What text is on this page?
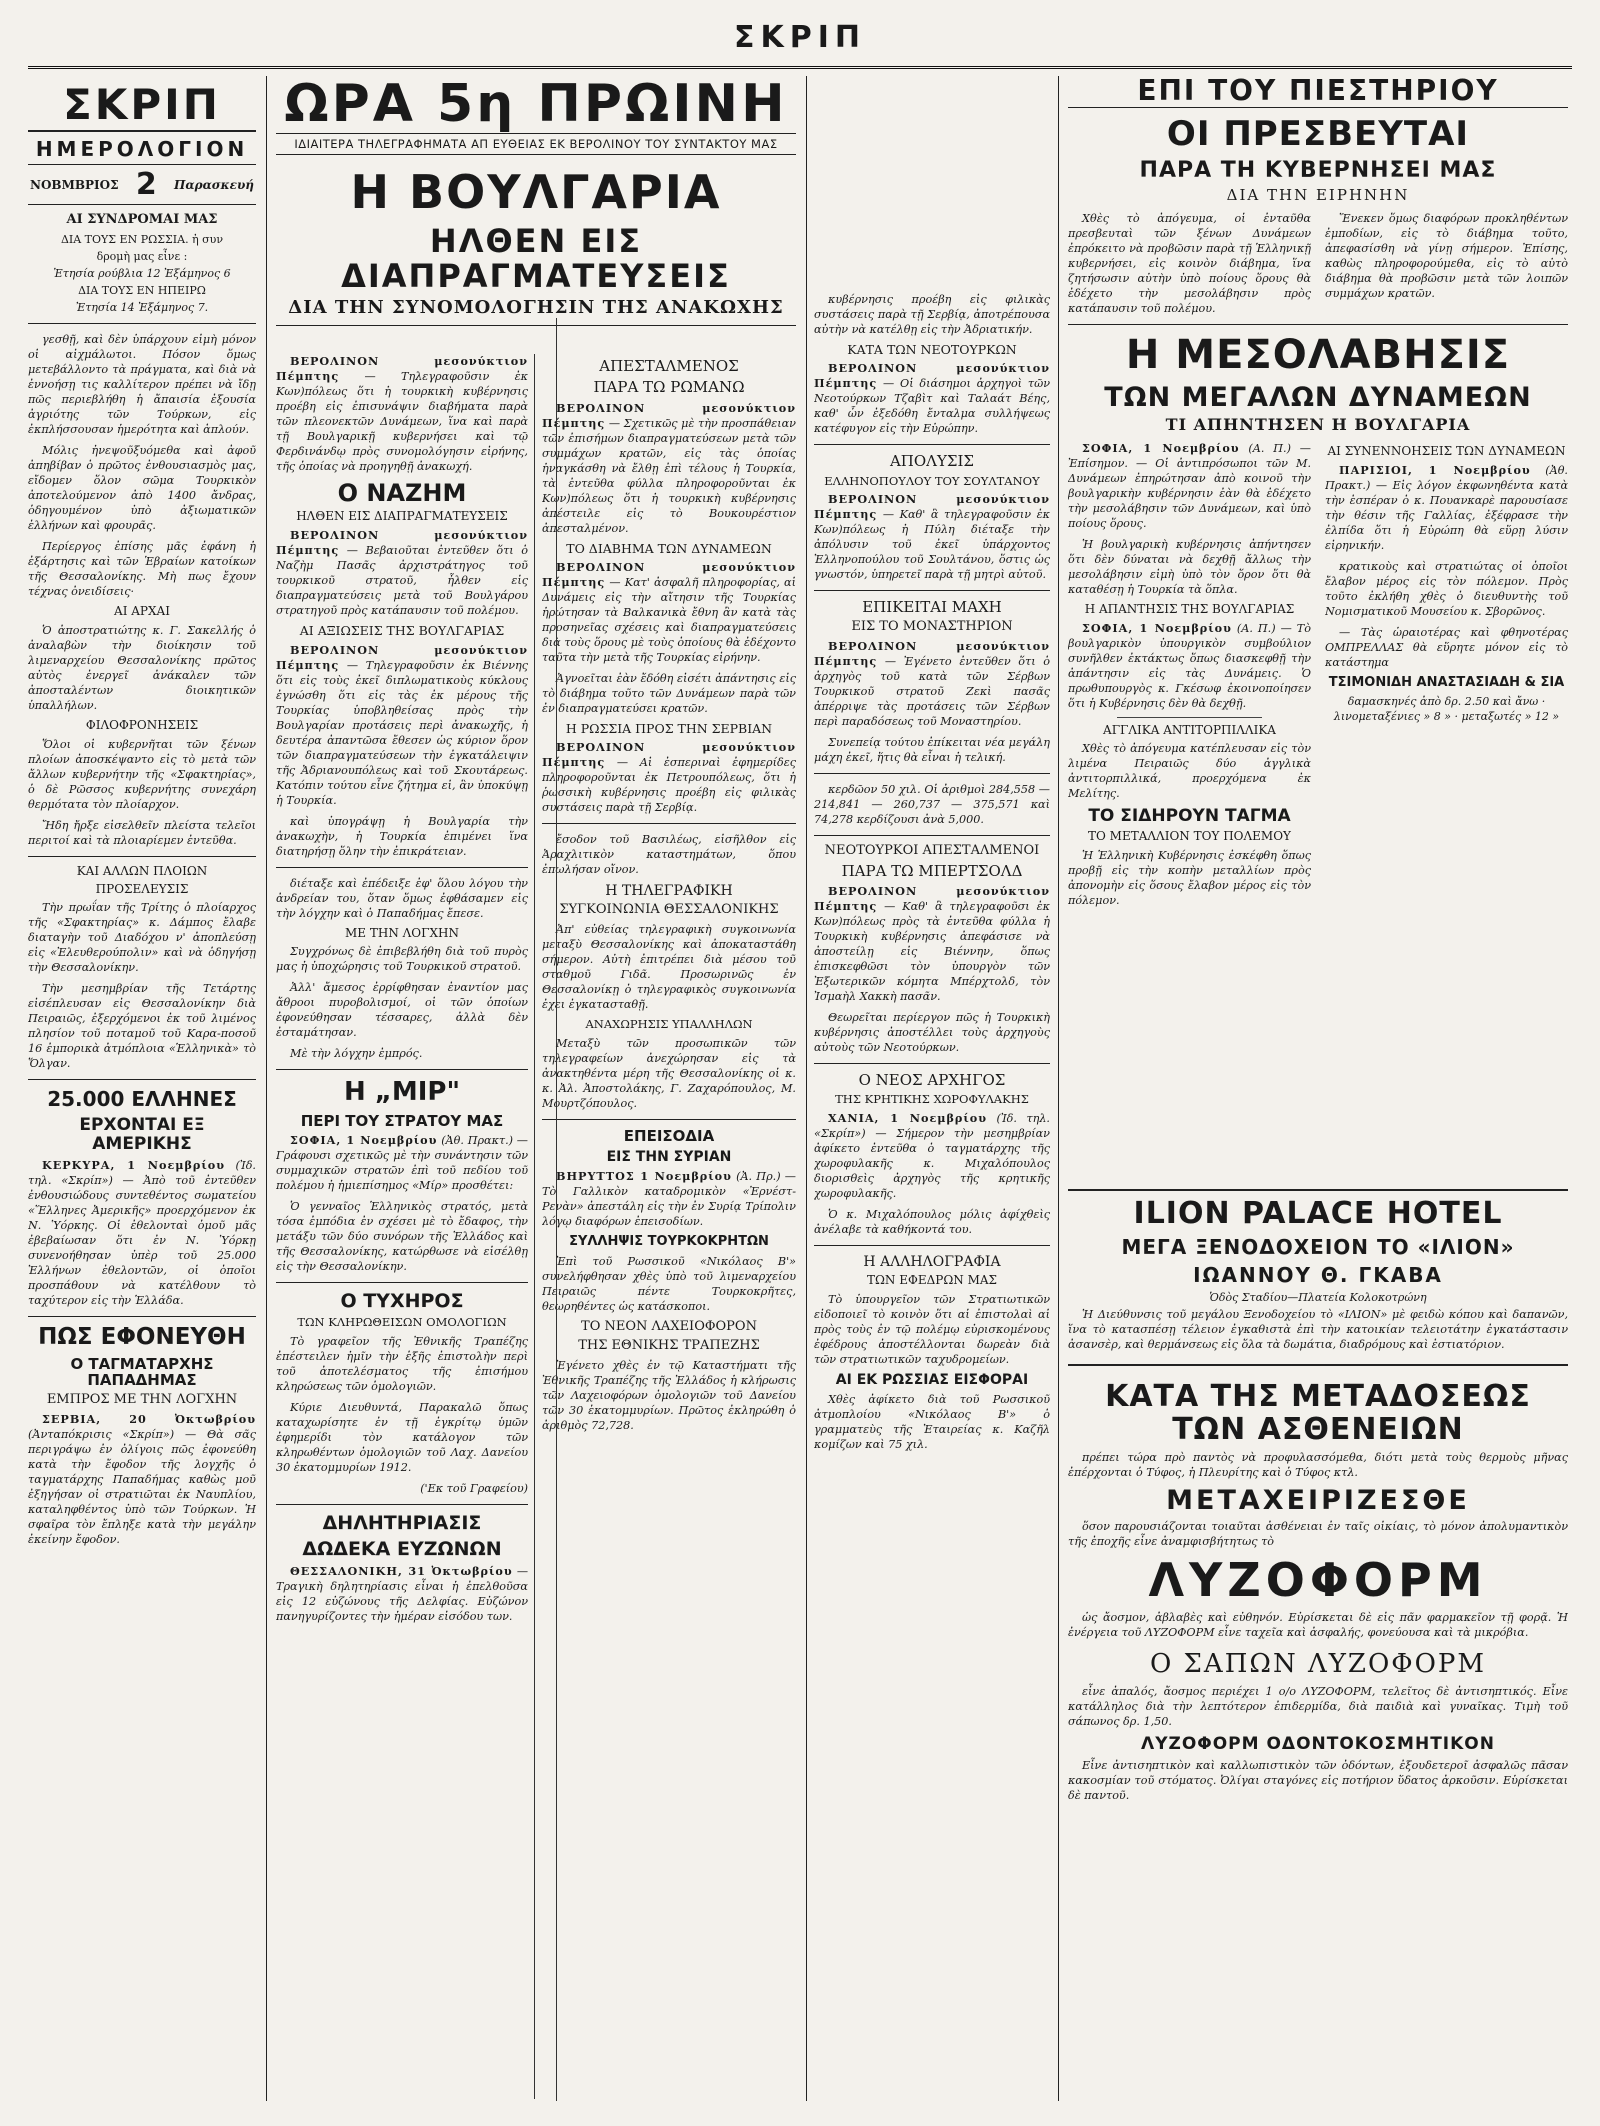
ΣΚΡΙΠ
ΣΚΡΙΠ
ΗΜΕΡΟΛΟΓΙΟΝ
ΝΟΒΜΒΡΙΟΣ 2 Παρασκευή
ΑΙ ΣΥΝΔΡΟΜΑΙ ΜΑΣ
ΔΙΑ ΤΟΥΣ ΕΝ ΡΩΣΣΙΑ. ἡ συν
δρομὴ μας εἶνε :
Ἐτησία ρούβλια 12 Ἐξάμηνος 6
ΔΙΑ ΤΟΥΣ ΕΝ ΗΠΕΙΡΩ
Ἐτησία 14 Ἐξάμηνος 7.

γεσθῇ, καὶ δὲν ὑπάρχουν εἰμὴ μόνον οἱ αἰχμάλωτοι. Πόσον ὅμως μετεβάλλοντο τὰ πράγματα, καὶ διὰ νὰ ἐννοήσῃ τις καλλίτερον πρέπει νὰ ἴδῃ πῶς περιεβλήθη ἡ ἄπαισία ἐξουσία ἀγριότης τῶν Τούρκων, εἰς ἐκπλήσσουσαν ἡμερότητα καὶ ἁπλούν.

Μόλις ἠνεψοῦξυόμεθα καὶ ἀφοῦ ἀπηβίβαν ὁ πρῶτος ἐνθουσιασμὸς μας, εἴδομεν ὅλον σῶμα Τουρκικὸν ἀποτελούμενον ἀπὸ 1400 ἄνδρας, ὁδηγουμένον ὑπὸ ἀξιωματικῶν ἑλλήνων καὶ φρουρᾶς.

Περίεργος ἐπίσης μᾶς ἐφάνη ἡ ἐξάρτησις καὶ τῶν Ἑβραίων κατοίκων τῆς Θεσσαλονίκης. Μὴ πως ἔχουν τέχνας ὀνειδίσεις·

ΑΙ ΑΡΧΑΙ

Ὁ ἀποστρατιώτης κ. Γ. Σακελλής ὁ ἀναλαβὼν τὴν διοίκησιν τοῦ λιμεναρχείου Θεσσαλονίκης πρῶτος αὐτὸς ἐνεργεῖ ἀνάκαλεν τῶν ἀποσταλέντων διοικητικῶν ὑπαλλήλων.

ΦΙΛΟΦΡΟΝΗΣΕΙΣ

Ὅλοι οἱ κυβερνῆται τῶν ξένων πλοίων ἀποσκέψαντο εἰς τὸ μετὰ τῶν ἄλλων κυβερνήτην τῆς «Σφακτηρίας», ὁ δὲ Ρῶσσος κυβερνήτης συνεχάρη θερμότατα τὸν πλοίαρχον.

Ἤδη ἤρξε εἰσελθεῖν πλείστα τελεῖοι περιτοί καὶ τὰ πλοιαρίεμεν ἐντεῦθα.

ΚΑΙ ΑΛΛΩΝ ΠΛΟΙΩΝ
ΠΡΟΣΕΛΕΥΣΙΣ

Τὴν πρωΐαν τῆς Τρίτης ὁ πλοίαρχος τῆς «Σφακτηρίας» κ. Δάμπος ἔλαβε διαταγὴν τοῦ Διαδόχου ν' ἀποπλεύσῃ εἰς «Ἐλευθερούπολιν» καὶ νὰ ὁδηγήσῃ τὴν Θεσσαλονίκην.

Τὴν μεσημβρίαν τῆς Τετάρτης εἰσέπλευσαν εἰς Θεσσαλονίκην διὰ Πειραιῶς, ἐξερχόμενοι ἐκ τοῦ λιμένος πλησίον τοῦ ποταμοῦ τοῦ Καρα-ποσοῦ 16 ἐμπορικὰ ἀτμόπλοια «Ἑλληνικὰ» τὸ Ὅλγαν.

25.000 ΕΛΛΗΝΕΣ
ΕΡΧΟΝΤΑΙ ΕΞ ΑΜΕΡΙΚΗΣ

ΚΕΡΚΥΡΑ, 1 Νοεμβρίου (Ἰδ. τηλ. «Σκρίπ») — Ἀπὸ τοῦ ἐντεῦθεν ἐνθουσιώδους συντεθέντος σωματείου «Ἕλληνες Ἀμερικῆς» προερχόμενον ἐκ Ν. Ὑόρκης. Οἱ ἐθελονταὶ ὁμοῦ μᾶς ἐβεβαίωσαν ὅτι ἐν Ν. Ὑόρκῃ συνενοήθησαν ὑπὲρ τοῦ 25.000 Ἑλλήνων ἐθελοντῶν, οἱ ὁποῖοι προσπάθουν νὰ κατέλθουν τὸ ταχύτερον εἰς τὴν Ἑλλάδα.

ΠΩΣ ΕΦΟΝΕΥΘΗ
Ο ΤΑΓΜΑΤΑΡΧΗΣ ΠΑΠΑΔΗΜΑΣ
ΕΜΠΡΟΣ ΜΕ ΤΗΝ ΛΟΓΧΗΝ

ΣΕΡΒΙΑ, 20 Ὀκτωβρίου (Ἀνταπόκρισις «Σκρίπ») — Θὰ σᾶς περιγράψω ἐν ὀλίγοις πῶς ἐφονεύθη κατὰ τὴν ἔφοδον τῆς λογχῆς ὁ ταγματάρχης Παπαδήμας καθὼς μοῦ ἐξηγήσαν οἱ στρατιῶται ἐκ Ναυπλίου, καταληφθέντος ὑπὸ τῶν Τούρκων. Ἡ σφαῖρα τὸν ἔπληξε κατὰ τὴν μεγάλην ἐκείνην ἔφοδον.

ΩΡΑ 5η ΠΡΩΙΝΗ
ΙΔΙΑΙΤΕΡΑ ΤΗΛΕΓΡΑΦΗΜΑΤΑ ΑΠ ΕΥΘΕΙΑΣ ΕΚ ΒΕΡΟΛΙΝΟΥ ΤΟΥ ΣΥΝΤΑΚΤΟΥ ΜΑΣ
Η ΒΟΥΛΓΑΡΙΑ
ΗΛΘΕΝ ΕΙΣ ΔΙΑΠΡΑΓΜΑΤΕΥΣΕΙΣ
ΔΙΑ ΤΗΝ ΣΥΝΟΜΟΛΟΓΗΣΙΝ ΤΗΣ ΑΝΑΚΩΧΗΣ

ΒΕΡΟΛΙΝΟΝ μεσονύκτιον Πέμπτης — Τηλεγραφοῦσιν ἐκ Κων)πόλεως ὅτι ἡ τουρκικὴ κυβέρνησις προέβη εἰς ἐπισυνάψιν διαβήματα παρὰ τῶν πλεονεκτῶν Δυνάμεων, ἵνα καὶ παρὰ τῇ Βουλγαρικῇ κυβερνήσει καὶ τῷ Φερδινάνδῳ πρὸς συνομολόγησιν εἰρήνης, τῆς ὁποίας νὰ προηγηθῇ ἀνακωχή.

Ο ΝΑΖΗΜ
ΗΛΘΕΝ ΕΙΣ ΔΙΑΠΡΑΓΜΑΤΕΥΣΕΙΣ

ΒΕΡΟΛΙΝΟΝ μεσονύκτιον Πέμπτης — Βεβαιοῦται ἐντεῦθεν ὅτι ὁ Ναζὴμ Πασᾶς ἀρχιστράτηγος τοῦ τουρκικοῦ στρατοῦ, ἦλθεν εἰς διαπραγματεύσεις μετὰ τοῦ Βουλγάρου στρατηγοῦ πρὸς κατάπαυσιν τοῦ πολέμου.

ΑΙ ΑΞΙΩΣΕΙΣ ΤΗΣ ΒΟΥΛΓΑΡΙΑΣ

ΒΕΡΟΛΙΝΟΝ μεσονύκτιον Πέμπτης — Τηλεγραφοῦσιν ἐκ Βιέννης ὅτι εἰς τοὺς ἐκεῖ διπλωματικοὺς κύκλους ἐγνώσθη ὅτι εἰς τὰς ἐκ μέρους τῆς Τουρκίας ὑποβληθείσας πρὸς τὴν Βουλγαρίαν προτάσεις περὶ ἀνακωχῆς, ἡ δευτέρα ἀπαντῶσα ἔθεσεν ὡς κύριον ὅρον τῶν διαπραγματεύσεων τὴν ἐγκατάλειψιν τῆς Ἀδριανουπόλεως καὶ τοῦ Σκουτάρεως. Κατόπιν τούτου εἶνε ζήτημα εἰ, ἃν ὑποκύψῃ ἡ Τουρκία.

καὶ ὑπογράψῃ ἡ Βουλγαρία τὴν ἀνακωχὴν, ἡ Τουρκία ἐπιμένει ἵνα διατηρήσῃ ὅλην τὴν ἐπικράτειαν.

διέταξε καὶ ἐπέδειξε ἐφ' ὅλου λόγου τὴν ἀνδρείαν του, ὅταν ὅμως ἐφθάσαμεν εἰς τὴν λόγχην καὶ ὁ Παπαδήμας ἔπεσε.

ΜΕ ΤΗΝ ΛΟΓΧΗΝ

Συγχρόνως δὲ ἐπιβεβλήθη διὰ τοῦ πυρὸς μας ἡ ὑποχώρησις τοῦ Τουρκικοῦ στρατοῦ.

Ἀλλ' ἄμεσος ἐρρίφθησαν ἐναντίον μας ἄθροοι πυροβολισμοί, οἱ τῶν ὁποίων ἐφονεύθησαν τέσσαρες, ἀλλὰ δὲν ἐσταμάτησαν.

Μὲ τὴν λόγχην ἐμπρός.

Η „ΜΙΡ"
ΠΕΡΙ ΤΟΥ ΣΤΡΑΤΟΥ ΜΑΣ

ΣΟΦΙΑ, 1 Νοεμβρίου (Ἀθ. Πρακτ.) — Γράφουσι σχετικῶς μὲ τὴν συνάντησιν τῶν συμμαχικῶν στρατῶν ἐπὶ τοῦ πεδίου τοῦ πολέμου ἡ ἡμιεπίσημος «Μίρ» προσθέτει:

Ὁ γενναῖος Ἑλληνικὸς στρατός, μετὰ τόσα ἐμπόδια ἐν σχέσει μὲ τὸ ἔδαφος, τὴν μετάξυ τῶν δύο συνόρων τῆς Ἑλλάδος καὶ τῆς Θεσσαλονίκης, κατώρθωσε νὰ εἰσέλθῃ εἰς τὴν Θεσσαλονίκην.

Ο ΤΥΧΗΡΟΣ
ΤΩΝ ΚΛΗΡΩΘΕΙΣΩΝ ΟΜΟΛΟΓΙΩΝ

Τὸ γραφεῖον τῆς Ἐθνικῆς Τραπέζης ἐπέστειλεν ἡμῖν τὴν ἑξῆς ἐπιστολὴν περὶ τοῦ ἀποτελέσματος τῆς ἐπισήμου κληρώσεως τῶν ὁμολογιῶν.

Κύριε Διευθυντά, Παρακαλῶ ὅπως καταχωρίσητε ἐν τῇ ἐγκρίτῳ ὑμῶν ἐφημερίδι τὸν κατάλογον τῶν κληρωθέντων ὁμολογιῶν τοῦ Λαχ. Δανείου 30 ἑκατομμυρίων 1912.

('Εκ τοῦ Γραφείου)

ΔΗΛΗΤΗΡΙΑΣΙΣ
ΔΩΔΕΚΑ ΕΥΖΩΝΩΝ

ΘΕΣΣΑΛΟΝΙΚΗ, 31 Ὀκτωβρίου — Τραγικὴ δηλητηρίασις εἶναι ἡ ἐπελθοῦσα εἰς 12 εὐζώνους τῆς Δελφίας. Εὐζώνον πανηγυρίζοντες τὴν ἡμέραν εἰσόδου των.

ΑΠΕΣΤΑΛΜΕΝΟΣ
ΠΑΡΑ ΤΩ ΡΩΜΑΝΩ

ΒΕΡΟΛΙΝΟΝ μεσονύκτιον Πέμπτης — Σχετικῶς μὲ τὴν προσπάθειαν τῶν ἐπισήμων διαπραγματεύσεων μετὰ τῶν συμμάχων κρατῶν, εἰς τὰς ὁποίας ἠναγκάσθη νὰ ἔλθῃ ἐπὶ τέλους ἡ Τουρκία, τὰ ἐντεῦθα φύλλα πληροφοροῦνται ἐκ Κων)πόλεως ὅτι ἡ τουρκικὴ κυβέρνησις ἀπέστειλε εἰς τὸ Βουκουρέστιον ἀπεσταλμένον.

ΤΟ ΔΙΑΒΗΜΑ ΤΩΝ ΔΥΝΑΜΕΩΝ

ΒΕΡΟΛΙΝΟΝ μεσονύκτιον Πέμπτης — Κατ' ἀσφαλῆ πληροφορίας, αἱ Δυνάμεις εἰς τὴν αἴτησιν τῆς Τουρκίας ἠρώτησαν τὰ Βαλκανικὰ ἔθνη ἂν κατὰ τὰς προσηνεῖας σχέσεις καὶ διαπραγματεύσεις διὰ τοὺς ὅρους μὲ τοὺς ὁποίους θὰ ἐδέχοντο ταῦτα τὴν μετὰ τῆς Τουρκίας εἰρήνην.

Ἀγνοεῖται ἐὰν ἔδόθη εἰσέτι ἀπάντησις εἰς τὸ διάβημα τοῦτο τῶν Δυνάμεων παρὰ τῶν ἐν διαπραγματεύσει κρατῶν.

Η ΡΩΣΣΙΑ ΠΡΟΣ ΤΗΝ ΣΕΡΒΙΑΝ

ΒΕΡΟΛΙΝΟΝ μεσονύκτιον Πέμπτης — Αἱ ἐσπεριναὶ ἐφημερίδες πληροφοροῦνται ἐκ Πετρουπόλεως, ὅτι ἡ ῥωσσικὴ κυβέρνησις προέβη εἰς φιλικὰς συστάσεις παρὰ τῇ Σερβίᾳ.

ἔσοδον τοῦ Βασιλέως, εἰσῆλθον εἰς Ἀραχλιτικὸν καταστημάτων, ὅπου ἐπωλήσαν οἴνον.

Η ΤΗΛΕΓΡΑΦΙΚΗ
ΣΥΓΚΟΙΝΩΝΙΑ ΘΕΣΣΑΛΟΝΙΚΗΣ

Ἀπ' εὐθείας τηλεγραφικὴ συγκοινωνία μεταξὺ Θεσσαλονίκης καὶ ἀποκαταστάθη σήμερον. Αὐτὴ ἐπιτρέπει διὰ μέσου τοῦ σταθμοῦ Γιδᾶ. Προσωρινῶς ἐν Θεσσαλονίκῃ ὁ τηλεγραφικὸς συγκοινωνία ἐχει ἐγκατασταθῇ.

ΑΝΑΧΩΡΗΣΙΣ ΥΠΑΛΛΗΛΩΝ

Μεταξὺ τῶν προσωπικῶν τῶν τηλεγραφείων ἀνεχώρησαν εἰς τὰ ἀνακτηθέντα μέρη τῆς Θεσσαλονίκης οἱ κ. κ. Ἀλ. Ἀποστολάκης, Γ. Ζαχαρόπουλος, Μ. Μουρτζόπουλος.

ΕΠΕΙΣΟΔΙΑ
ΕΙΣ ΤΗΝ ΣΥΡΙΑΝ

ΒΗΡΥΤΤΟΣ 1 Νοεμβρίου (Ἀ. Πρ.) — Τὸ Γαλλικὸν καταδρομικὸν «Ἐρνέστ-Ρενὰν» ἀπεστάλη εἰς τὴν ἐν Συρίᾳ Τρίπολιν λόγῳ διαφόρων ἐπεισοδίων.

ΣΥΛΛΗΨΙΣ ΤΟΥΡΚΟΚΡΗΤΩΝ

Ἐπὶ τοῦ Ρωσσικοῦ «Νικόλαος Β'» συνελήφθησαν χθὲς ὑπὸ τοῦ λιμεναρχείου Πειραιῶς πέντε Τουρκοκρῆτες, θεωρηθέντες ὡς κατάσκοποι.

ΤΟ ΝΕΟΝ ΛΑΧΕΙΟΦΟΡΟΝ
ΤΗΣ ΕΘΝΙΚΗΣ ΤΡΑΠΕΖΗΣ

Ἐγένετο χθὲς ἐν τῷ Καταστήματι τῆς Ἐθνικῆς Τραπέζης τῆς Ἑλλάδος ἡ κλήρωσις τῶν Λαχειοφόρων ὁμολογιῶν τοῦ Δανείου τῶν 30 ἑκατομμυρίων. Πρῶτος ἐκληρώθη ὁ ἀριθμὸς 72,728.

ΕΠΙ ΤΟΥ ΠΙΕΣΤΗΡΙΟΥ
ΟΙ ΠΡΕΣΒΕΥΤΑΙ
ΠΑΡΑ ΤΗ ΚΥΒΕΡΝΗΣΕΙ ΜΑΣ
ΔΙΑ ΤΗΝ ΕΙΡΗΝΗΝ

Χθὲς τὸ ἀπόγευμα, οἱ ἐνταῦθα πρεσβευταὶ τῶν ξένων Δυνάμεων ἐπρόκειτο νὰ προβῶσιν παρὰ τῇ Ἑλληνικῇ κυβερνήσει, εἰς κοινὸν διάβημα, ἵνα ζητήσωσιν αὐτὴν ὑπὸ ποίους ὅρους θὰ ἐδέχετο τὴν μεσολάβησιν πρὸς κατάπαυσιν τοῦ πολέμου.

Ἕνεκεν ὅμως διαφόρων προκληθέντων ἐμποδίων, εἰς τὸ διάβημα τοῦτο, ἀπεφασίσθη νὰ γίνῃ σήμερον. Ἐπίσης, καθὼς πληροφορούμεθα, εἰς τὸ αὐτὸ διάβημα θὰ προβῶσιν μετὰ τῶν λοιπῶν συμμάχων κρατῶν.

Η ΜΕΣΟΛΑΒΗΣΙΣ
ΤΩΝ ΜΕΓΑΛΩΝ ΔΥΝΑΜΕΩΝ
ΤΙ ΑΠΗΝΤΗΣΕΝ Η ΒΟΥΛΓΑΡΙΑ

ΣΟΦΙΑ, 1 Νοεμβρίου (Α. Π.) — Ἐπίσημον. — Οἱ ἀντιπρόσωποι τῶν Μ. Δυνάμεων ἐπηρώτησαν ἀπὸ κοινοῦ τὴν βουλγαρικὴν κυβέρνησιν ἐὰν θὰ ἐδέχετο τὴν μεσολάβησιν τῶν Δυνάμεων, καὶ ὑπὸ ποίους ὅρους.

Ἡ βουλγαρικὴ κυβέρνησις ἀπήντησεν ὅτι δὲν δύναται νὰ δεχθῇ ἄλλως τὴν μεσολάβησιν εἰμὴ ὑπὸ τὸν ὅρον ὅτι θὰ καταθέσῃ ἡ Τουρκία τὰ ὅπλα.

Η ΑΠΑΝΤΗΣΙΣ ΤΗΣ ΒΟΥΛΓΑΡΙΑΣ

ΣΟΦΙΑ, 1 Νοεμβρίου (Α. Π.) — Τὸ βουλγαρικὸν ὑπουργικὸν συμβούλιον συνῆλθεν ἐκτάκτως ὅπως διασκεφθῇ τὴν ἀπάντησιν εἰς τὰς Δυνάμεις. Ὁ πρωθυπουργὸς κ. Γκέσωφ ἐκοινοποίησεν ὅτι ἡ Κυβέρνησις δὲν θὰ δεχθῇ.

ΑΓΓΛΙΚΑ ΑΝΤΙΤΟΡΠΙΛΛΙΚΑ

Χθὲς τὸ ἀπόγευμα κατέπλευσαν εἰς τὸν λιμένα Πειραιῶς δύο ἀγγλικὰ ἀντιτορπιλλικά, προερχόμενα ἐκ Μελίτης.

ΤΟ ΣΙΔΗΡΟΥΝ ΤΑΓΜΑ
ΤΟ ΜΕΤΑΛΛΙΟΝ ΤΟΥ ΠΟΛΕΜΟΥ

Ἡ Ἑλληνικὴ Κυβέρνησις ἐσκέφθη ὅπως προβῇ εἰς τὴν κοπὴν μεταλλίων πρὸς ἀπονομὴν εἰς ὅσους ἔλαβον μέρος εἰς τὸν πόλεμον.

ΑΙ ΣΥΝΕΝΝΟΗΣΕΙΣ ΤΩΝ ΔΥΝΑΜΕΩΝ

ΠΑΡΙΣΙΟΙ, 1 Νοεμβρίου (Ἀθ. Πρακτ.) — Εἰς λόγον ἐκφωνηθέντα κατὰ τὴν ἑσπέραν ὁ κ. Πουανκαρὲ παρουσίασε τὴν θέσιν τῆς Γαλλίας, ἐξέφρασε τὴν ἐλπίδα ὅτι ἡ Εὐρώπη θὰ εὕρῃ λύσιν εἰρηνικήν.

κρατικοὺς καὶ στρατιώτας οἱ ὁποῖοι ἔλαβον μέρος εἰς τὸν πόλεμον. Πρὸς τοῦτο ἐκλήθη χθὲς ὁ διευθυντὴς τοῦ Νομισματικοῦ Μουσείου κ. Σβορῶνος.

— Τὰς ὡραιοτέρας καὶ φθηνοτέρας ΟΜΠΡΕΛΛΑΣ θὰ εὕρητε μόνον εἰς τὸ κατάστημα

ΤΣΙΜΟΝΙΔΗ ΑΝΑΣΤΑΣΙΑΔΗ & ΣΙΑ
δαμασκηνές ἀπὸ δρ. 2.50 καὶ ἄνω · λινομεταξένιες » 8 » · μεταξωτές » 12 »
ILION PALACE HOTEL
ΜΕΓΑ ΞΕΝΟΔΟΧΕΙΟΝ ΤΟ «ΙΛΙΟΝ»
ΙΩΑΝΝΟΥ Θ. ΓΚΑΒΑ
Ὁδὸς Σταδίου—Πλατεία Κολοκοτρώνη

Ἡ Διεύθυνσις τοῦ μεγάλου Ξενοδοχείου τὸ «ΙΛΙΟΝ» μὲ φειδὼ κόπου καὶ δαπανῶν, ἵνα τὸ κατασπέσῃ τέλειον ἐγκαθιστὰ ἐπὶ τὴν κατοικίαν τελειοτάτην ἐγκατάστασιν ἀσανσὲρ, καὶ θερμάνσεως εἰς ὅλα τὰ δωμάτια, διαδρόμους καὶ ἑστιατόριον.

ΚΑΤΑ ΤΗΣ ΜΕΤΑΔΟΣΕΩΣ ΤΩΝ ΑΣΘΕΝΕΙΩΝ

πρέπει τώρα πρὸ παντὸς νὰ προφυλασσόμεθα, διότι μετὰ τοὺς θερμοὺς μῆνας ἐπέρχονται ὁ Τύφος, ἡ Πλευρίτης καὶ ὁ Τύφος κτλ.

ΜΕΤΑΧΕΙΡΙΖΕΣΘΕ

ὅσον παρουσιάζονται τοιαῦται ἀσθένειαι ἐν ταῖς οἰκίαις, τὸ μόνον ἀπολυμαντικὸν τῆς ἐποχῆς εἶνε ἀναμφισβήτητως τὸ

ΛΥΖΟΦΟΡΜ

ὡς ἄοσμον, ἀβλαβὲς καὶ εὐθηνόν. Εὑρίσκεται δὲ εἰς πᾶν φαρμακεῖον τῇ φορᾷ. Ἡ ἐνέργεια τοῦ ΛΥΖΟΦΟΡΜ εἶνε ταχεῖα καὶ ἀσφαλής, φονεύουσα καὶ τὰ μικρόβια.

Ο ΣΑΠΩΝ ΛΥΖΟΦΟΡΜ

εἶνε ἁπαλός, ἄοσμος περιέχει 1 ο/ο ΛΥΖΟΦΟΡΜ, τελεῖτος δὲ ἀντισηπτικός. Εἶνε κατάλληλος διὰ τὴν λεπτότερον ἐπιδερμίδα, διὰ παιδιὰ καὶ γυναῖκας. Τιμὴ τοῦ σάπωνος δρ. 1,50.

ΛΥΖΟΦΟΡΜ ΟΔΟΝΤΟΚΟΣΜΗΤΙΚΟΝ

Εἶνε ἀντισηπτικὸν καὶ καλλωπιστικὸν τῶν ὀδόντων, ἐξουδετεροῖ ἀσφαλῶς πᾶσαν κακοσμίαν τοῦ στόματος. Ὀλίγαι σταγόνες εἰς ποτήριον ὕδατος ἀρκοῦσιν. Εὑρίσκεται δὲ παντοῦ.

κυβέρνησις προέβη εἰς φιλικὰς συστάσεις παρὰ τῇ Σερβίᾳ, ἀποτρέπουσα αὐτὴν νὰ κατέλθῃ εἰς τὴν Ἀδριατικήν.

ΚΑΤΑ ΤΩΝ ΝΕΟΤΟΥΡΚΩΝ

ΒΕΡΟΛΙΝΟΝ μεσονύκτιον Πέμπτης — Οἱ διάσημοι ἀρχηγοὶ τῶν Νεοτούρκων Τζαβὶτ καὶ Ταλαάτ Βέης, καθ' ὧν ἐξεδόθη ἔνταλμα συλλήψεως κατέφυγον εἰς τὴν Εὐρώπην.

ΑΠΟΛΥΣΙΣ
ΕΛΛΗΝΟΠΟΥΛΟΥ ΤΟΥ ΣΟΥΛΤΑΝΟΥ

ΒΕΡΟΛΙΝΟΝ μεσονύκτιον Πέμπτης — Καθ' ἃ τηλεγραφοῦσιν ἐκ Κων)πόλεως ἡ Πύλη διέταξε τὴν ἀπόλυσιν τοῦ ἐκεῖ ὑπάρχοντος Ἑλληνοπούλου τοῦ Σουλτάνου, ὅστις ὡς γνωστόν, ὑπηρετεῖ παρὰ τῇ μητρὶ αὐτοῦ.

ΕΠΙΚΕΙΤΑΙ ΜΑΧΗ
ΕΙΣ ΤΟ ΜΟΝΑΣΤΗΡΙΟΝ

ΒΕΡΟΛΙΝΟΝ μεσονύκτιον Πέμπτης — Ἐγένετο ἐντεῦθεν ὅτι ὁ ἀρχηγὸς τοῦ κατὰ τῶν Σέρβων Τουρκικοῦ στρατοῦ Ζεκὶ πασᾶς ἀπέρριψε τὰς προτάσεις τῶν Σέρβων περὶ παραδόσεως τοῦ Μοναστηρίου.

Συνεπείᾳ τούτου ἐπίκειται νέα μεγάλη μάχη ἐκεῖ, ἥτις θὰ εἶναι ἡ τελική.

κερδῶον 50 χιλ. Οἱ ἀριθμοὶ 284,558 — 214,841 — 260,737 — 375,571 καὶ 74,278 κερδίζουσι ἀνὰ 5,000.

ΝΕΟΤΟΥΡΚΟΙ ΑΠΕΣΤΑΛΜΕΝΟΙ
ΠΑΡΑ ΤΩ ΜΠΕΡΤΣΟΛΔ

ΒΕΡΟΛΙΝΟΝ μεσονύκτιον Πέμπτης — Καθ' ἃ τηλεγραφοῦσι ἐκ Κων)πόλεως πρὸς τὰ ἐντεῦθα φύλλα ἡ Τουρκικὴ κυβέρνησις ἀπεφάσισε νὰ ἀποστείλῃ εἰς Βιέννην, ὅπως ἐπισκεφθῶσι τὸν ὑπουργὸν τῶν Ἐξωτερικῶν κόμητα Μπέρχτολδ, τὸν Ἰσμαὴλ Χακκὴ πασᾶν.

Θεωρεῖται περίεργον πῶς ἡ Τουρκικὴ κυβέρνησις ἀποστέλλει τοὺς ἀρχηγοὺς αὐτοὺς τῶν Νεοτούρκων.

Ο ΝΕΟΣ ΑΡΧΗΓΟΣ
ΤΗΣ ΚΡΗΤΙΚΗΣ ΧΩΡΟΦΥΛΑΚΗΣ

ΧΑΝΙΑ, 1 Νοεμβρίου (Ἰδ. τηλ. «Σκρίπ») — Σήμερον τὴν μεσημβρίαν ἀφίκετο ἐντεῦθα ὁ ταγματάρχης τῆς χωροφυλακῆς κ. Μιχαλόπουλος διορισθεὶς ἀρχηγὸς τῆς κρητικῆς χωροφυλακῆς.

Ὁ κ. Μιχαλόπουλος μόλις ἀφίχθεὶς ἀνέλαβε τὰ καθήκοντά του.

Η ΑΛΛΗΛΟΓΡΑΦΙΑ
ΤΩΝ ΕΦΕΔΡΩΝ ΜΑΣ

Τὸ ὑπουργεῖον τῶν Στρατιωτικῶν εἰδοποιεῖ τὸ κοινὸν ὅτι αἱ ἐπιστολαὶ αἱ πρὸς τοὺς ἐν τῷ πολέμῳ εὑρισκομένους ἐφέδρους ἀποστέλλονται δωρεὰν διὰ τῶν στρατιωτικῶν ταχυδρομείων.

ΑΙ ΕΚ ΡΩΣΣΙΑΣ ΕΙΣΦΟΡΑΙ

Χθὲς ἀφίκετο διὰ τοῦ Ρωσσικοῦ ἀτμοπλοίου «Νικόλαος Β'» ὁ γραμματεὺς τῆς Ἑταιρείας κ. Καζῆλ κομίζων καὶ 75 χιλ.
